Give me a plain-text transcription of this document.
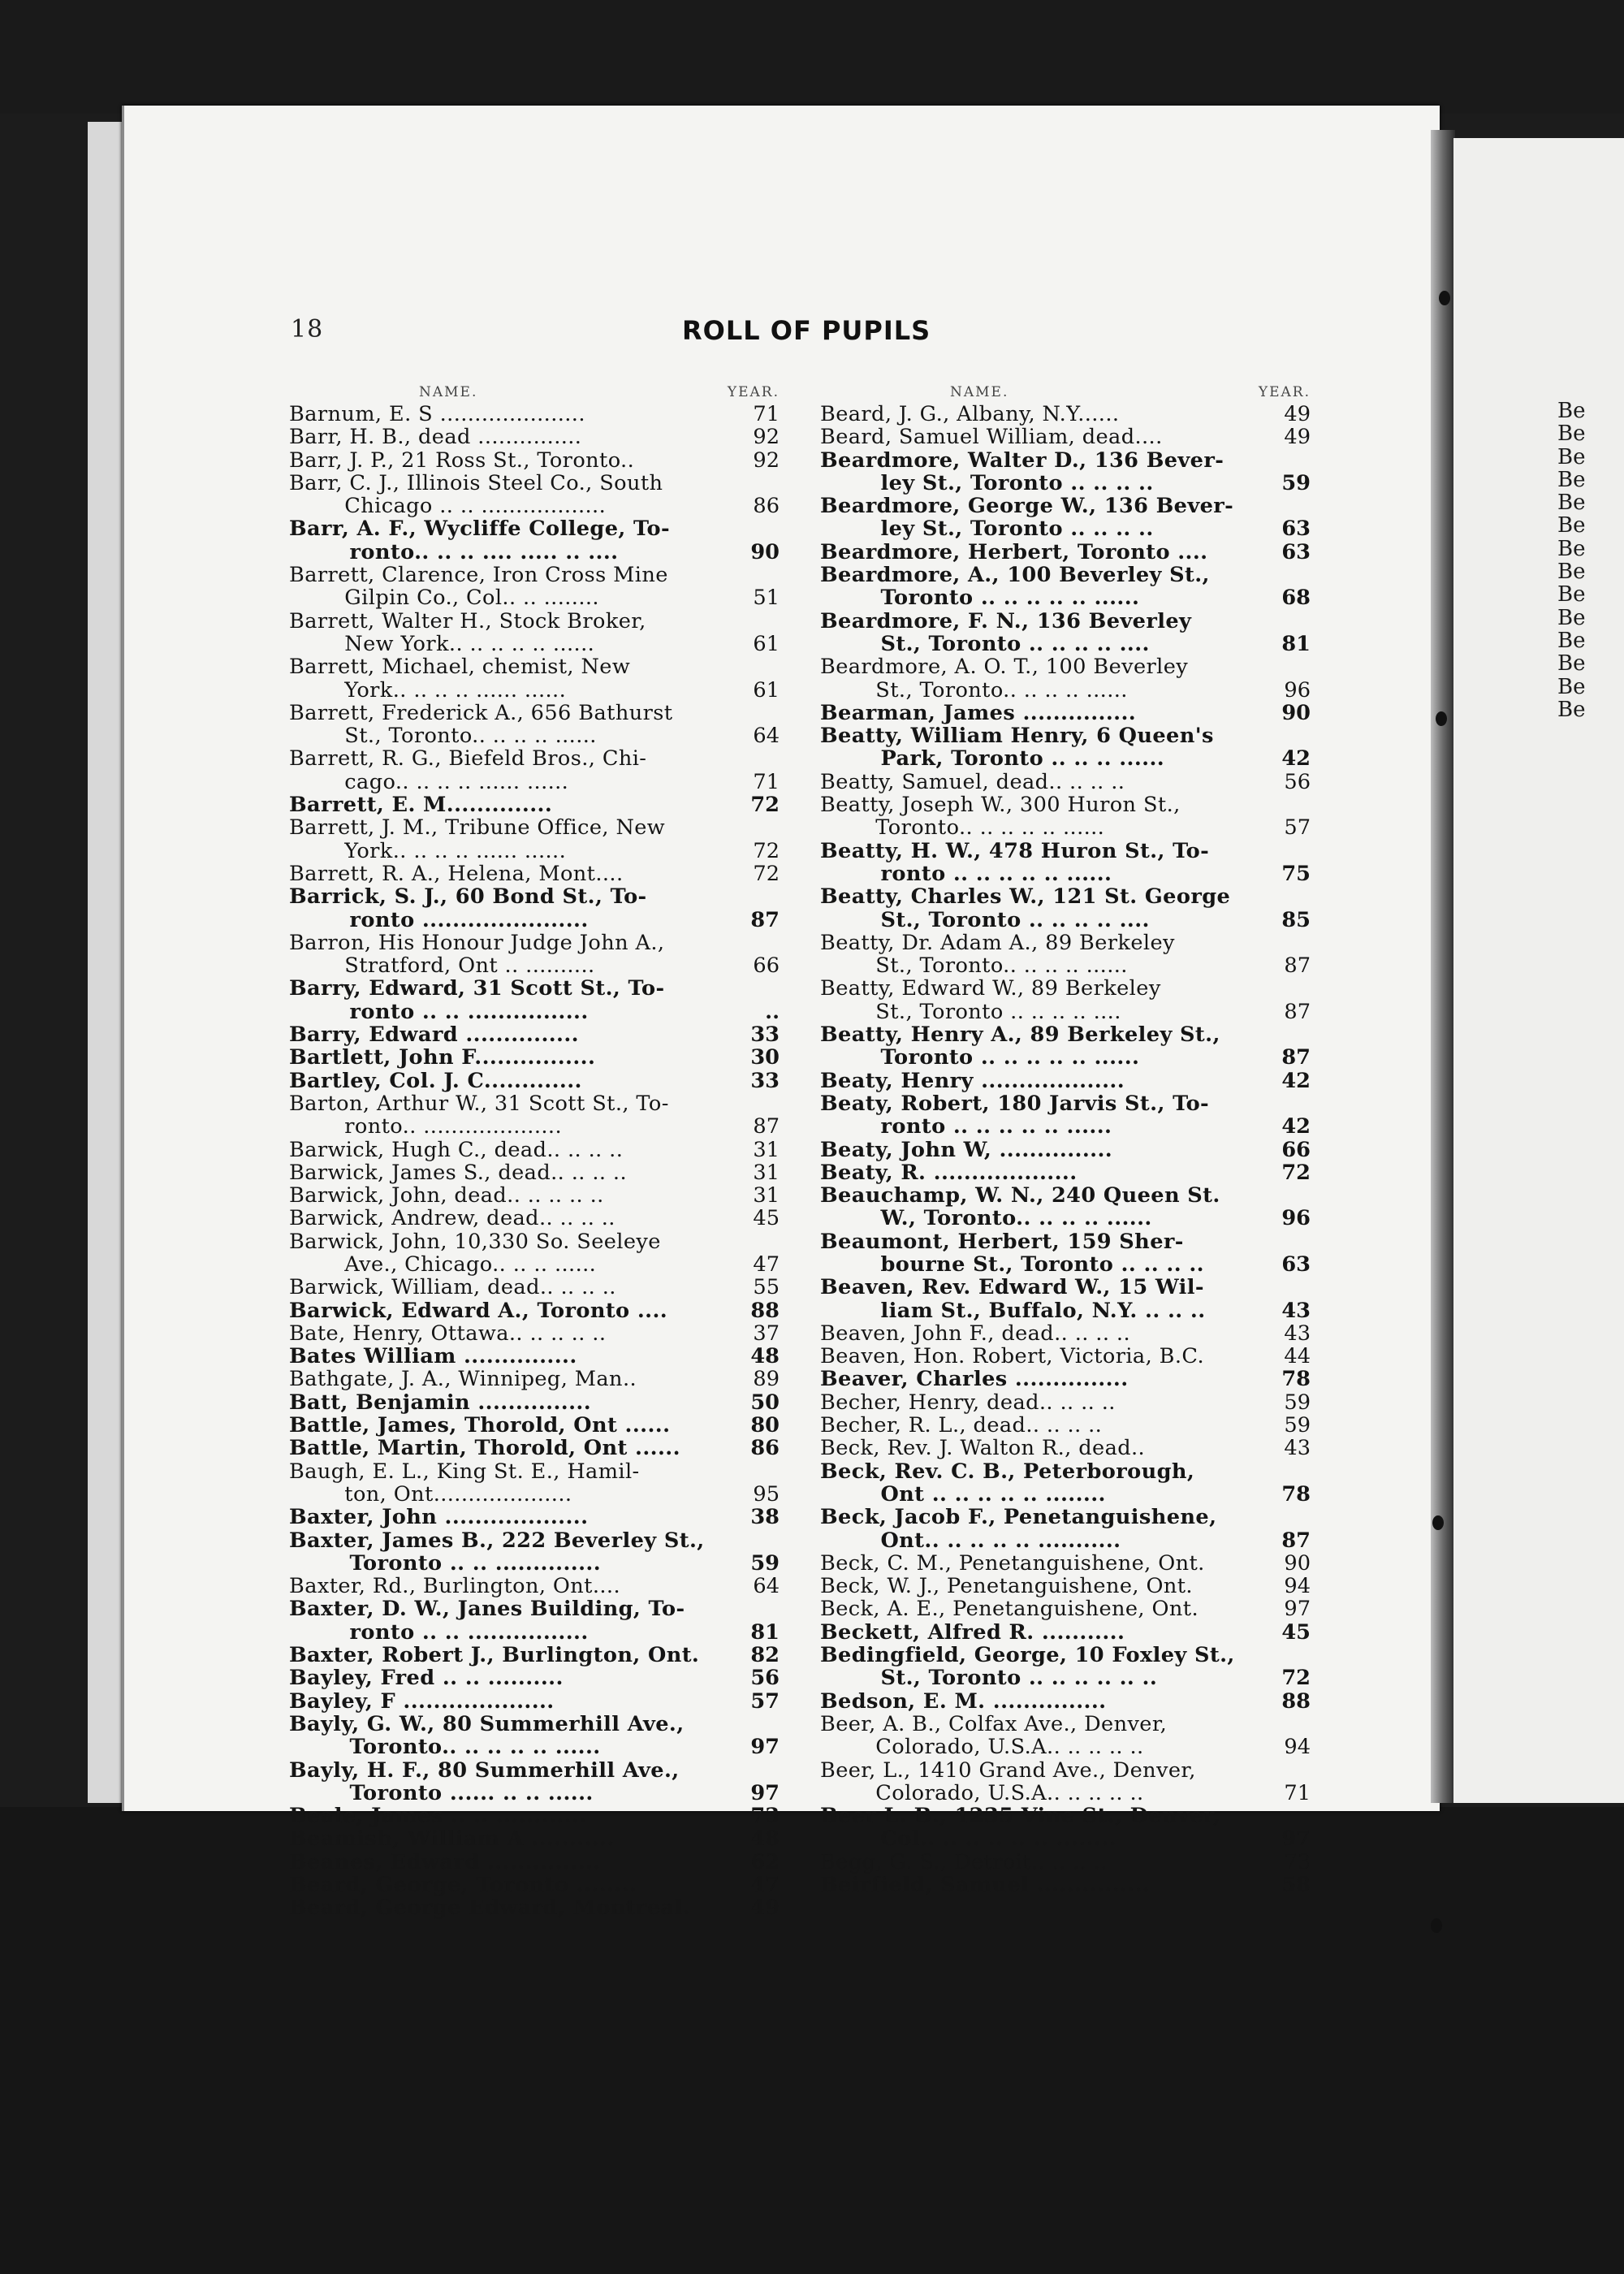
18	ROLL OF PUPILS
NAME.	YEAR.
Barnum, E. S .....................	71
Barr, H. B., dead ...............	92
Barr, J. P., 21 Ross St., Toronto..	92
Barr, C. J., Illinois Steel Co., South
Chicago .. .. ..................	86
Barr, A. F., Wycliffe College, To-
ronto.. .. .. .... ..... .. ....	90
Barrett, Clarence, Iron Cross Mine
Gilpin Co., Col.. .. ........	51
Barrett, Walter H., Stock Broker,
New York.. .. .. .. .. ......	61
Barrett, Michael, chemist, New
York.. .. .. .. ...... ......	61
Barrett, Frederick A., 656 Bathurst
St., Toronto.. .. .. .. ......	64
Barrett, R. G., Biefeld Bros., Chi-
cago.. .. .. .. ...... ......	71
Barrett, E. M..............	72
Barrett, J. M., Tribune Office, New
York.. .. .. .. ...... ......	72
Barrett, R. A., Helena, Mont....	72
Barrick, S. J., 60 Bond St., To-
ronto ......................	87
Barron, His Honour Judge John A.,
Stratford, Ont .. ..........	66
Barry, Edward, 31 Scott St., To-
ronto .. .. ................	..
Barry, Edward ...............	33
Bartlett, John F................	30
Bartley, Col. J. C.............	33
Barton, Arthur W., 31 Scott St., To-
ronto.. ....................	87
Barwick, Hugh C., dead.. .. .. ..	31
Barwick, James S., dead.. .. .. ..	31
Barwick, John, dead.. .. .. .. ..	31
Barwick, Andrew, dead.. .. .. ..	45
Barwick, John, 10,330 So. Seeleye
Ave., Chicago.. .. .. ......	47
Barwick, William, dead.. .. .. ..	55
Barwick, Edward A., Toronto ....	88
Bate, Henry, Ottawa.. .. .. .. ..	37
Bates William ...............	48
Bathgate, J. A., Winnipeg, Man..	89
Batt, Benjamin ...............	50
Battle, James, Thorold, Ont ......	80
Battle, Martin, Thorold, Ont ......	86
Baugh, E. L., King St. E., Hamil-
ton, Ont....................	95
Baxter, John ...................	38
Baxter, James B., 222 Beverley St.,
Toronto .. .. ..............	59
Baxter, Rd., Burlington, Ont....	64
Baxter, D. W., Janes Building, To-
ronto .. .. ................	81
Baxter, Robert J., Burlington, Ont.	82
Bayley, Fred .. .. ..........	56
Bayley, F ....................	57
Bayly, G. W., 80 Summerhill Ave.,
Toronto.. .. .. .. .. ......	97
Bayly, H. F., 80 Summerhill Ave.,
Toronto ...... .. .. ......	97
Beale, James .. .. ............	73
Beamish, William A ...........	48
Beanes, Edward ...............	62
Beard, George, Toronto ........	47
Beard, George Edward, Montreal.	49
NAME.	YEAR.
Beard, J. G., Albany, N.Y......	49
Beard, Samuel William, dead....	49
Beardmore, Walter D., 136 Bever-
ley St., Toronto .. .. .. ..	59
Beardmore, George W., 136 Bever-
ley St., Toronto .. .. .. ..	63
Beardmore, Herbert, Toronto ....	63
Beardmore, A., 100 Beverley St.,
Toronto .. .. .. .. .. ......	68
Beardmore, F. N., 136 Beverley
St., Toronto .. .. .. .. ....	81
Beardmore, A. O. T., 100 Beverley
St., Toronto.. .. .. .. ......	96
Bearman, James ...............	90
Beatty, William Henry, 6 Queen's
Park, Toronto .. .. .. ......	42
Beatty, Samuel, dead.. .. .. ..	56
Beatty, Joseph W., 300 Huron St.,
Toronto.. .. .. .. .. ......	57
Beatty, H. W., 478 Huron St., To-
ronto .. .. .. .. .. ......	75
Beatty, Charles W., 121 St. George
St., Toronto .. .. .. .. ....	85
Beatty, Dr. Adam A., 89 Berkeley
St., Toronto.. .. .. .. ......	87
Beatty, Edward W., 89 Berkeley
St., Toronto .. .. .. .. ....	87
Beatty, Henry A., 89 Berkeley St.,
Toronto .. .. .. .. .. ......	87
Beaty, Henry ...................	42
Beaty, Robert, 180 Jarvis St., To-
ronto .. .. .. .. .. ......	42
Beaty, John W, ...............	66
Beaty, R. ...................	72
Beauchamp, W. N., 240 Queen St.
W., Toronto.. .. .. .. ......	96
Beaumont, Herbert, 159 Sher-
bourne St., Toronto .. .. .. ..	63
Beaven, Rev. Edward W., 15 Wil-
liam St., Buffalo, N.Y. .. .. ..	43
Beaven, John F., dead.. .. .. ..	43
Beaven, Hon. Robert, Victoria, B.C.	44
Beaver, Charles ...............	78
Becher, Henry, dead.. .. .. ..	59
Becher, R. L., dead.. .. .. ..	59
Beck, Rev. J. Walton R., dead..	43
Beck, Rev. C. B., Peterborough,
Ont .. .. .. .. .. ........	78
Beck, Jacob F., Penetanguishene,
Ont.. .. .. .. .. ...........	87
Beck, C. M., Penetanguishene, Ont.	90
Beck, W. J., Penetanguishene, Ont.	94
Beck, A. E., Penetanguishene, Ont.	97
Beckett, Alfred R. ...........	45
Bedingfield, George, 10 Foxley St.,
St., Toronto .. .. .. .. .. ..	72
Bedson, E. M. ...............	88
Beer, A. B., Colfax Ave., Denver,
Colorado, U.S.A.. .. .. .. ..	94
Beer, L., 1410 Grand Ave., Denver,
Colorado, U.S.A.. .. .. .. ..	71
Beer L. B., 1235 Vine St., Denver,
Col.. .. .. .. .. .. ........	97
Begg, G. S., Detroit.. .. .. ..	73
Beirfield, Samuel ...............	58
Be
Be
Be
Be
Be
Be
Be
Be
Be
Be
Be
Be
Be
Be
